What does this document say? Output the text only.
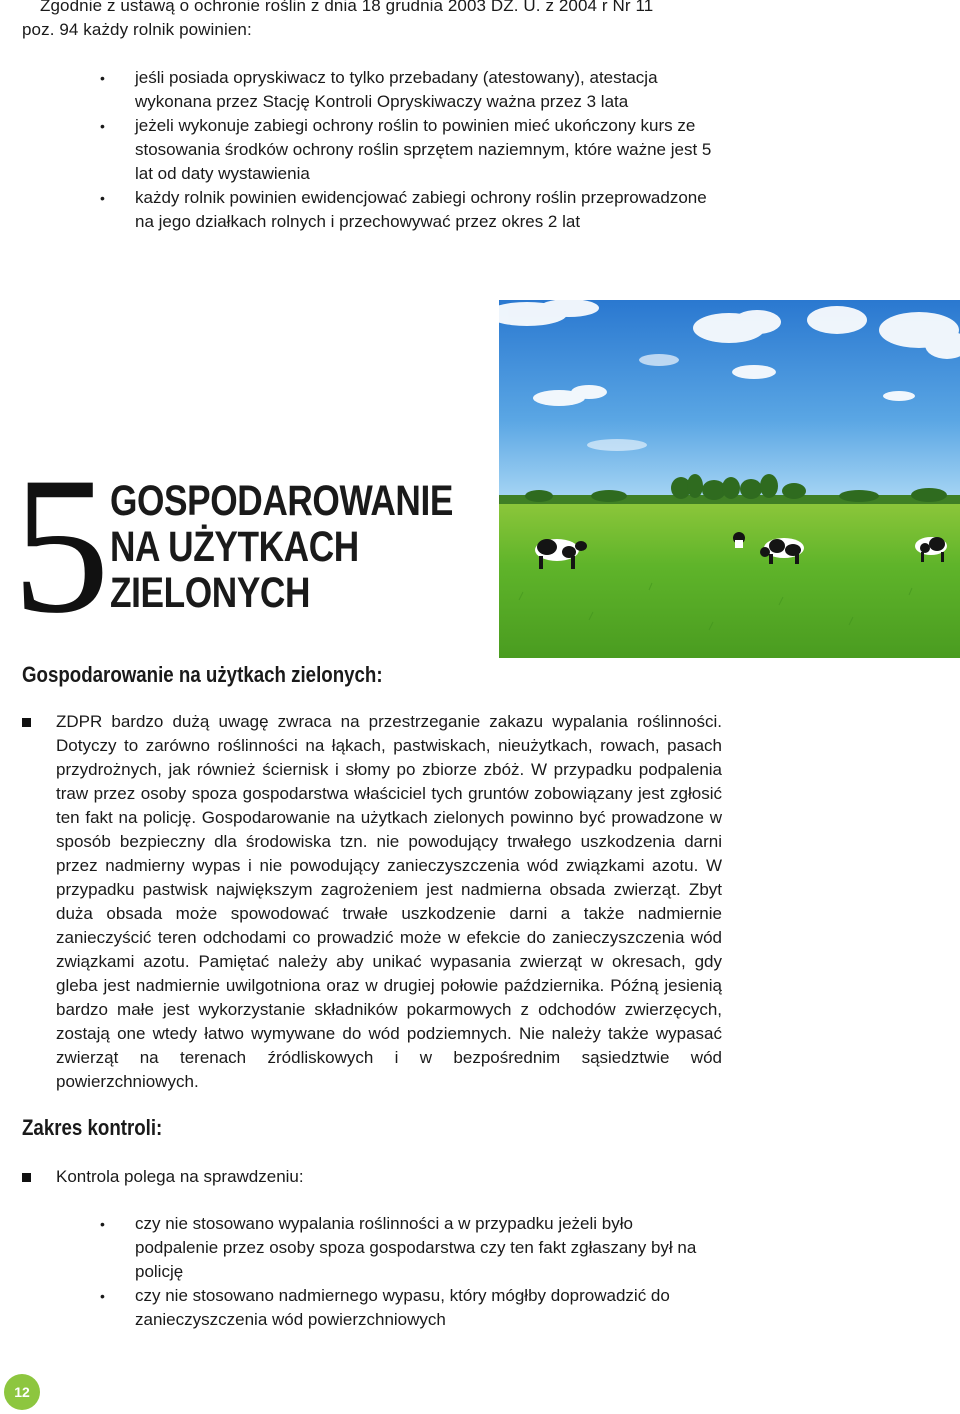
Zgodnie z ustawą o ochronie roślin z dnia 18 grudnia 2003 DZ. U. z 2004 r Nr 11
poz. 94 każdy rolnik powinien:
• jeśli posiada opryskiwacz to tylko przebadany (atestowany), atestacja wykonana przez Stację Kontroli Opryskiwaczy ważna przez 3 lata
• jeżeli wykonuje zabiegi ochrony roślin to powinien mieć ukończony kurs ze stosowania środków ochrony roślin sprzętem naziemnym, które ważne jest 5 lat od daty wystawienia
• każdy rolnik powinien ewidencjować zabiegi ochrony roślin przeprowadzone na jego działkach rolnych i przechowywać przez okres 2 lat
5 GOSPODAROWANIE
NA UŻYTKACH
ZIELONYCH
Gospodarowanie na użytkach zielonych:

ZDPR bardzo dużą uwagę zwraca na przestrzeganie zakazu wypalania roślinności. Dotyczy to zarówno roślinności na łąkach, pastwiskach, nieużytkach, rowach, pasach przydrożnych, jak również ściernisk i słomy po zbiorze zbóż. W przypadku podpalenia traw przez osoby spoza gospodarstwa właściciel tych gruntów zobowiązany jest zgłosić ten fakt na policję. Gospodarowanie na użytkach zielonych powinno być prowadzone w sposób bezpieczny dla środowiska tzn. nie powodujący trwałego uszkodzenia darni przez nadmierny wypas i nie powodujący zanieczyszczenia wód związkami azotu. W przypadku pastwisk największym zagrożeniem jest nadmierna obsada zwierząt. Zbyt duża obsada może spowodować trwałe uszkodzenie darni a także nadmiernie zanieczyścić teren odchodami co prowadzić może w efekcie do zanieczyszczenia wód związkami azotu. Pamiętać należy aby unikać wypasania zwierząt w okresach, gdy gleba jest nadmiernie uwilgotniona oraz w drugiej połowie października. Późną jesienią bardzo małe jest wykorzystanie składników pokarmowych z odchodów zwierzęcych, zostają one wtedy łatwo wymywane do wód podziemnych. Nie należy także wypasać zwierząt na terenach źródliskowych i w bezpośrednim sąsiedztwie wód powierzchniowych.

Zakres kontroli:

Kontrola polega na sprawdzeniu:

• czy nie stosowano wypalania roślinności a w przypadku jeżeli było podpalenie przez osoby spoza gospodarstwa czy ten fakt zgłaszany był na policję
• czy nie stosowano nadmiernego wypasu, który mógłby doprowadzić do zanieczyszczenia wód powierzchniowych
12
